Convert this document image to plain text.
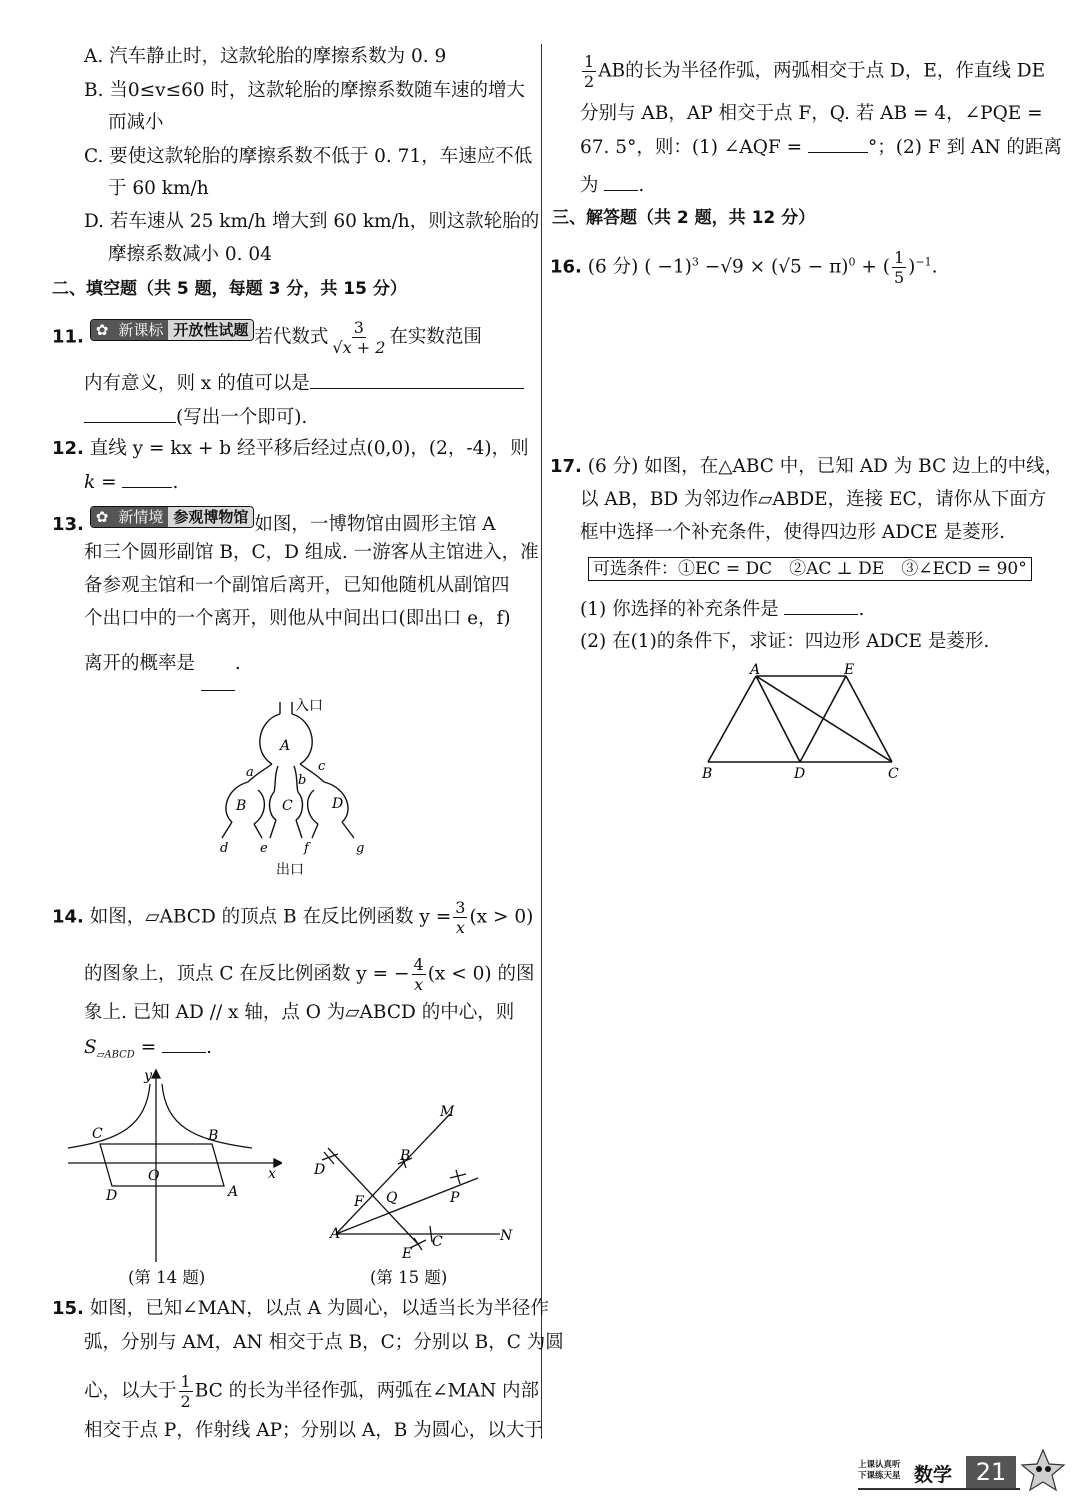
A. 汽车静止时，这款轮胎的摩擦系数为 0. 9
B. 当0≤v≤60 时，这款轮胎的摩擦系数随车速的增大
而减小
C. 要使这款轮胎的摩擦系数不低于 0. 71，车速应不低
于 60 km/h
D. 若车速从 25 km/h 增大到 60 km/h，则这款轮胎的
摩擦系数减小 0. 04
二、填空题（共 5 题，每题 3 分，共 15 分）
11. ✿ 新课标 开放性试题 若代数式 $\frac{3}{√x + 2}$ 在实数范围
内有意义，则 x 的值可以是
(写出一个即可).
12. 直线 y = kx + b 经平移后经过点(0,0)，(2，-4)，则
k =	.
13. ✿ 新情境 参观博物馆 如图，一博物馆由圆形主馆 A
和三个圆形副馆 B，C，D 组成. 一游客从主馆进入，准
备参观主馆和一个副馆后离开，已知他随机从副馆四
个出口中的一个离开，则他从中间出口(即出口 e，f)
离开的概率是 .
入口
A
B	C	D
a
b
c
d e	f	g
出口
14. 如图，▱ABCD 的顶点 B 在反比例函数 $y = \frac{3}{x} (x > 0)$
的图象上，顶点 C 在反比例函数 y = − $\frac{4}{x} (x < 0)$ 的图
象上. 已知 AD // x 轴，点 O 为▱ABCD 的中心，则
$S_{▱ABCD}$ =	.
y
x
O
C	B
D	A
(第 14 题)
M
N
A
B
C
D
E
F Q	P
(第 15 题)
15. 如图，已知∠MAN，以点 A 为圆心，以适当长为半径作
弧，分别与 AM，AN 相交于点 B，C；分别以 B，C 为圆
心，以大于 $\frac{1}{2}$ BC 的长为半径作弧，两弧在∠MAN 内部
相交于点 P，作射线 AP；分别以 A，B 为圆心，以大于
$\frac{1}{2}$ AB的长为半径作弧，两弧相交于点 D，E，作直线 DE
分别与 AB，AP 相交于点 F，Q. 若 AB = 4，∠PQE =
67. 5°，则：(1) ∠AQF =	°；(2) F 到 AN 的距离
为 .
三、解答题（共 2 题，共 12 分）
16. (6 分) ( $-1)^3 -√9 \times (√5 - \pi)^0$ + ( $\frac{1}{5} )^{-1}$.
17. (6 分) 如图，在△ABC 中，已知 AD 为 BC 边上的中线，
以 AB，BD 为邻边作▱ABDE，连接 EC，请你从下面方
框中选择一个补充条件，使得四边形 ADCE 是菱形.
可选条件：①EC = DC　②AC ⊥ DE　③∠ECD = 90°
(1) 你选择的补充条件是	.
(2) 在(1)的条件下，求证：四边形 ADCE 是菱形.
A	E
B	D	C
上课认真听
下课练天星 数学 21
